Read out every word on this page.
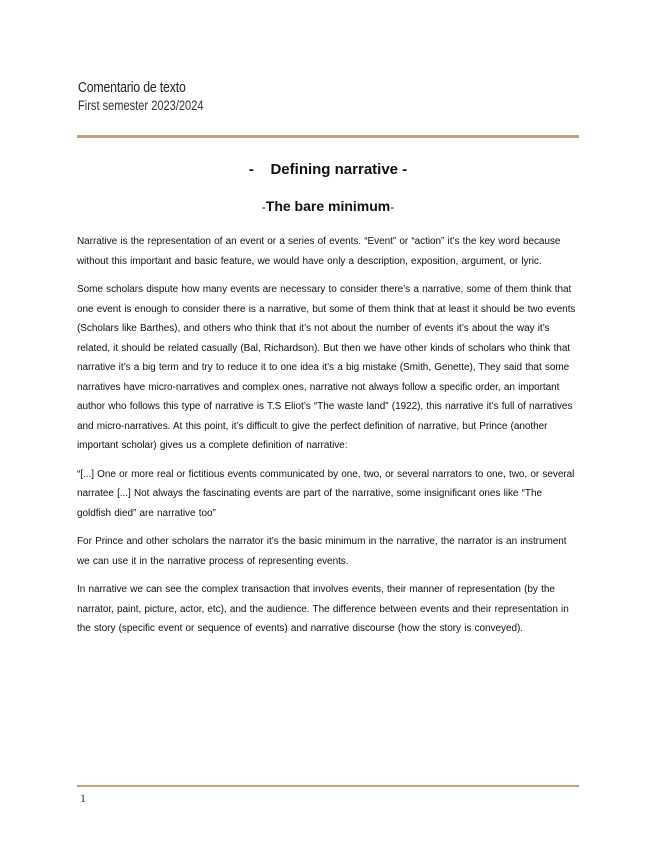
Comentario de texto
First semester 2023/2024
-    Defining narrative -
-The bare minimum-

Narrative is the representation of an event or a series of events. “Event” or “action” it’s the key word because without this important and basic feature, we would have only a description, exposition, argument, or lyric.

Some scholars dispute how many events are necessary to consider there’s a narrative, some of them think that one event is enough to consider there is a narrative, but some of them think that at least it should be two events (Scholars like Barthes), and others who think that it’s not about the number of events it’s about the way it’s related, it should be related casually (Bal, Richardson). But then we have other kinds of scholars who think that narrative it’s a big term and try to reduce it to one idea it’s a big mistake (Smith, Genette), They said that some narratives have micro-narratives and complex ones, narrative not always follow a specific order, an important author who follows this type of narrative is T.S Eliot’s “The waste land” (1922), this narrative it’s full of narratives and micro-narratives. At this point, it’s difficult to give the perfect definition of narrative, but Prince (another important scholar) gives us a complete definition of narrative:

“[...] One or more real or fictitious events communicated by one, two, or several narrators to one, two, or several narratee [...] Not always the fascinating events are part of the narrative, some insignificant ones like “The goldfish died” are narrative too”

For Prince and other scholars the narrator it’s the basic minimum in the narrative, the narrator is an instrument we can use it in the narrative process of representing events.

In narrative we can see the complex transaction that involves events, their manner of representation (by the narrator, paint, picture, actor, etc), and the audience. The difference between events and their representation in the story (specific event or sequence of events) and narrative discourse (how the story is conveyed).

1
